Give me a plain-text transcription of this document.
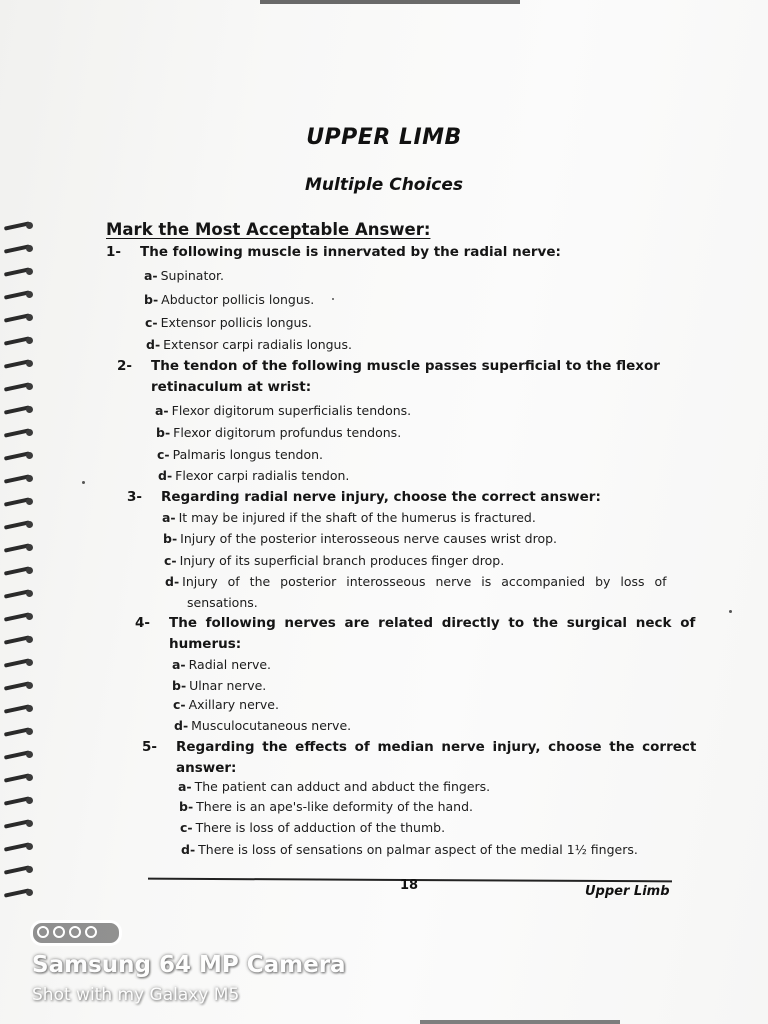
UPPER LIMB
Multiple Choices
Mark the Most Acceptable Answer:
1- The following muscle is innervated by the radial nerve:
a- Supinator.
b- Abductor pollicis longus.
c- Extensor pollicis longus.
d- Extensor carpi radialis longus.
2- The tendon of the following muscle passes superficial to the flexor
retinaculum at wrist:
a- Flexor digitorum superficialis tendons.
b- Flexor digitorum profundus tendons.
c- Palmaris longus tendon.
d- Flexor carpi radialis tendon.
3- Regarding radial nerve injury, choose the correct answer:
a- It may be injured if the shaft of the humerus is fractured.
b- Injury of the posterior interosseous nerve causes wrist drop.
c- Injury of its superficial branch produces finger drop.
d- Injury of the posterior interosseous nerve is accompanied by loss of
sensations.
4- The following nerves are related directly to the surgical neck of
humerus:
a- Radial nerve.
b- Ulnar nerve.
c- Axillary nerve.
d- Musculocutaneous nerve.
5- Regarding the effects of median nerve injury, choose the correct
answer:
a- The patient can adduct and abduct the fingers.
b- There is an ape's-like deformity of the hand.
c- There is loss of adduction of the thumb.
d- There is loss of sensations on palmar aspect of the medial 1½ fingers.
18	Upper Limb
Samsung 64 MP Camera
Shot with my Galaxy M5
